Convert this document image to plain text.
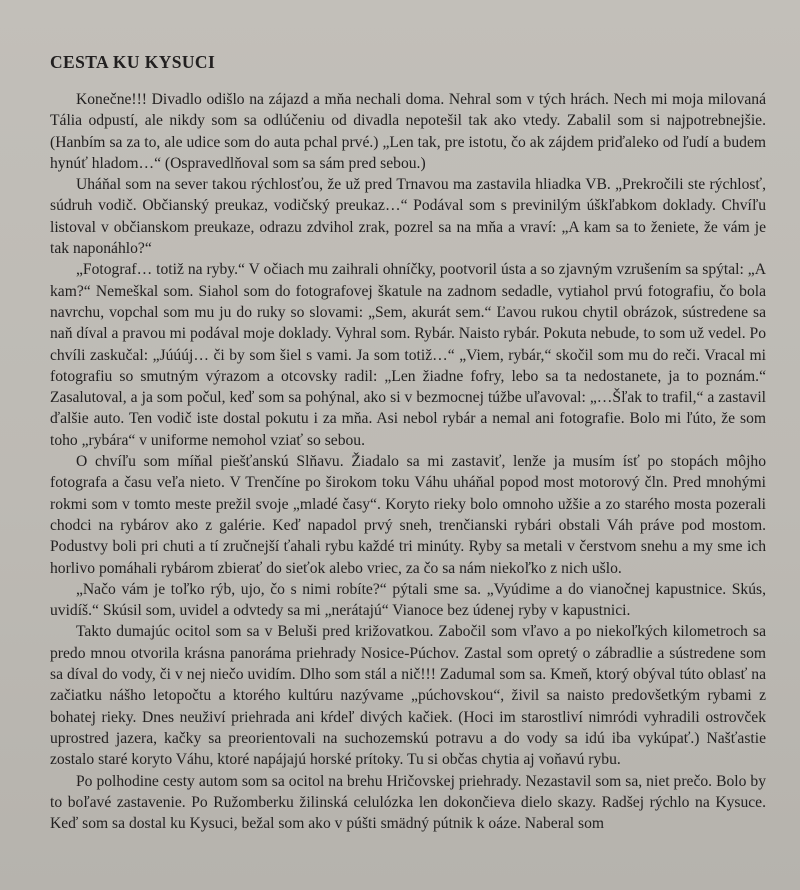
CESTA KU KYSUCI

Konečne!!! Divadlo odišlo na zájazd a mňa nechali doma. Nehral som v tých hrách. Nech mi moja milovaná Tália odpustí, ale nikdy som sa odlúčeniu od divadla nepotešil tak ako vtedy. Zabalil som si najpotrebnejšie. (Hanbím sa za to, ale udice som do auta pchal prvé.) „Len tak, pre istotu, čo ak zájdem priďaleko od ľudí a budem hynúť hladom…“ (Ospravedlňoval som sa sám pred sebou.)

Uháňal som na sever takou rýchlosťou, že už pred Trnavou ma zastavila hliadka VB. „Prekročili ste rýchlosť, súdruh vodič. Občianský preukaz, vodičský preukaz…“ Podával som s previnilým úškľabkom doklady. Chvíľu listoval v občianskom preukaze, odrazu zdvihol zrak, pozrel sa na mňa a vraví: „A kam sa to ženiete, že vám je tak naponáhlo?“

„Fotograf… totiž na ryby.“ V očiach mu zaihrali ohníčky, pootvoril ústa a so zjavným vzrušením sa spýtal: „A kam?“ Nemeškal som. Siahol som do fotografovej škatule na zadnom sedadle, vytiahol prvú fotografiu, čo bola navrchu, vopchal som mu ju do ruky so slovami: „Sem, akurát sem.“ Ľavou rukou chytil obrázok, sústredene sa naň díval a pravou mi podával moje doklady. Vyhral som. Rybár. Naisto rybár. Pokuta nebude, to som už vedel. Po chvíli zaskučal: „Júúúj… či by som šiel s vami. Ja som totiž…“ „Viem, rybár,“ skočil som mu do reči. Vracal mi fotografiu so smutným výrazom a otcovsky radil: „Len žiadne fofry, lebo sa ta nedostanete, ja to poznám.“ Zasalutoval, a ja som počul, keď som sa pohýnal, ako si v bezmocnej túžbe uľavoval: „…Šľak to trafil,“ a zastavil ďalšie auto. Ten vodič iste dostal pokutu i za mňa. Asi nebol rybár a nemal ani fotografie. Bolo mi ľúto, že som toho „rybára“ v uniforme nemohol vziať so sebou.

O chvíľu som míňal piešťanskú Slňavu. Žiadalo sa mi zastaviť, lenže ja musím ísť po stopách môjho fotografa a času veľa nieto. V Trenčíne po širokom toku Váhu uháňal popod most motorový čln. Pred mnohými rokmi som v tomto meste prežil svoje „mladé časy“. Koryto rieky bolo omnoho užšie a zo starého mosta pozerali chodci na rybárov ako z galérie. Keď napadol prvý sneh, trenčianski rybári obstali Váh práve pod mostom. Podustvy boli pri chuti a tí zručnejší ťahali rybu každé tri minúty. Ryby sa metali v čerstvom snehu a my sme ich horlivo pomáhali rybárom zbierať do sieťok alebo vriec, za čo sa nám niekoľko z nich ušlo.

„Načo vám je toľko rýb, ujo, čo s nimi robíte?“ pýtali sme sa. „Vyúdime a do vianočnej kapustnice. Skús, uvidíš.“ Skúsil som, uvidel a odvtedy sa mi „nerátajú“ Vianoce bez údenej ryby v kapustnici.

Takto dumajúc ocitol som sa v Beluši pred križovatkou. Zabočil som vľavo a po niekoľkých kilometroch sa predo mnou otvorila krásna panoráma priehrady Nosice-Púchov. Zastal som opretý o zábradlie a sústredene som sa díval do vody, či v nej niečo uvidím. Dlho som stál a nič!!! Zadumal som sa. Kmeň, ktorý obýval túto oblasť na začiatku nášho letopočtu a ktorého kultúru nazývame „púchovskou“, živil sa naisto predovšetkým rybami z bohatej rieky. Dnes neuživí priehrada ani kŕdeľ divých kačiek. (Hoci im starostliví nimródi vyhradili ostrovček uprostred jazera, kačky sa preorientovali na suchozemskú potravu a do vody sa idú iba vykúpať.) Našťastie zostalo staré koryto Váhu, ktoré napájajú horské prítoky. Tu si občas chytia aj voňavú rybu.

Po polhodine cesty autom som sa ocitol na brehu Hričovskej priehrady. Nezastavil som sa, niet prečo. Bolo by to boľavé zastavenie. Po Ružomberku žilinská celulózka len dokončieva dielo skazy. Radšej rýchlo na Kysuce. Keď som sa dostal ku Kysuci, bežal som ako v púšti smädný pútnik k oáze. Naberal som
